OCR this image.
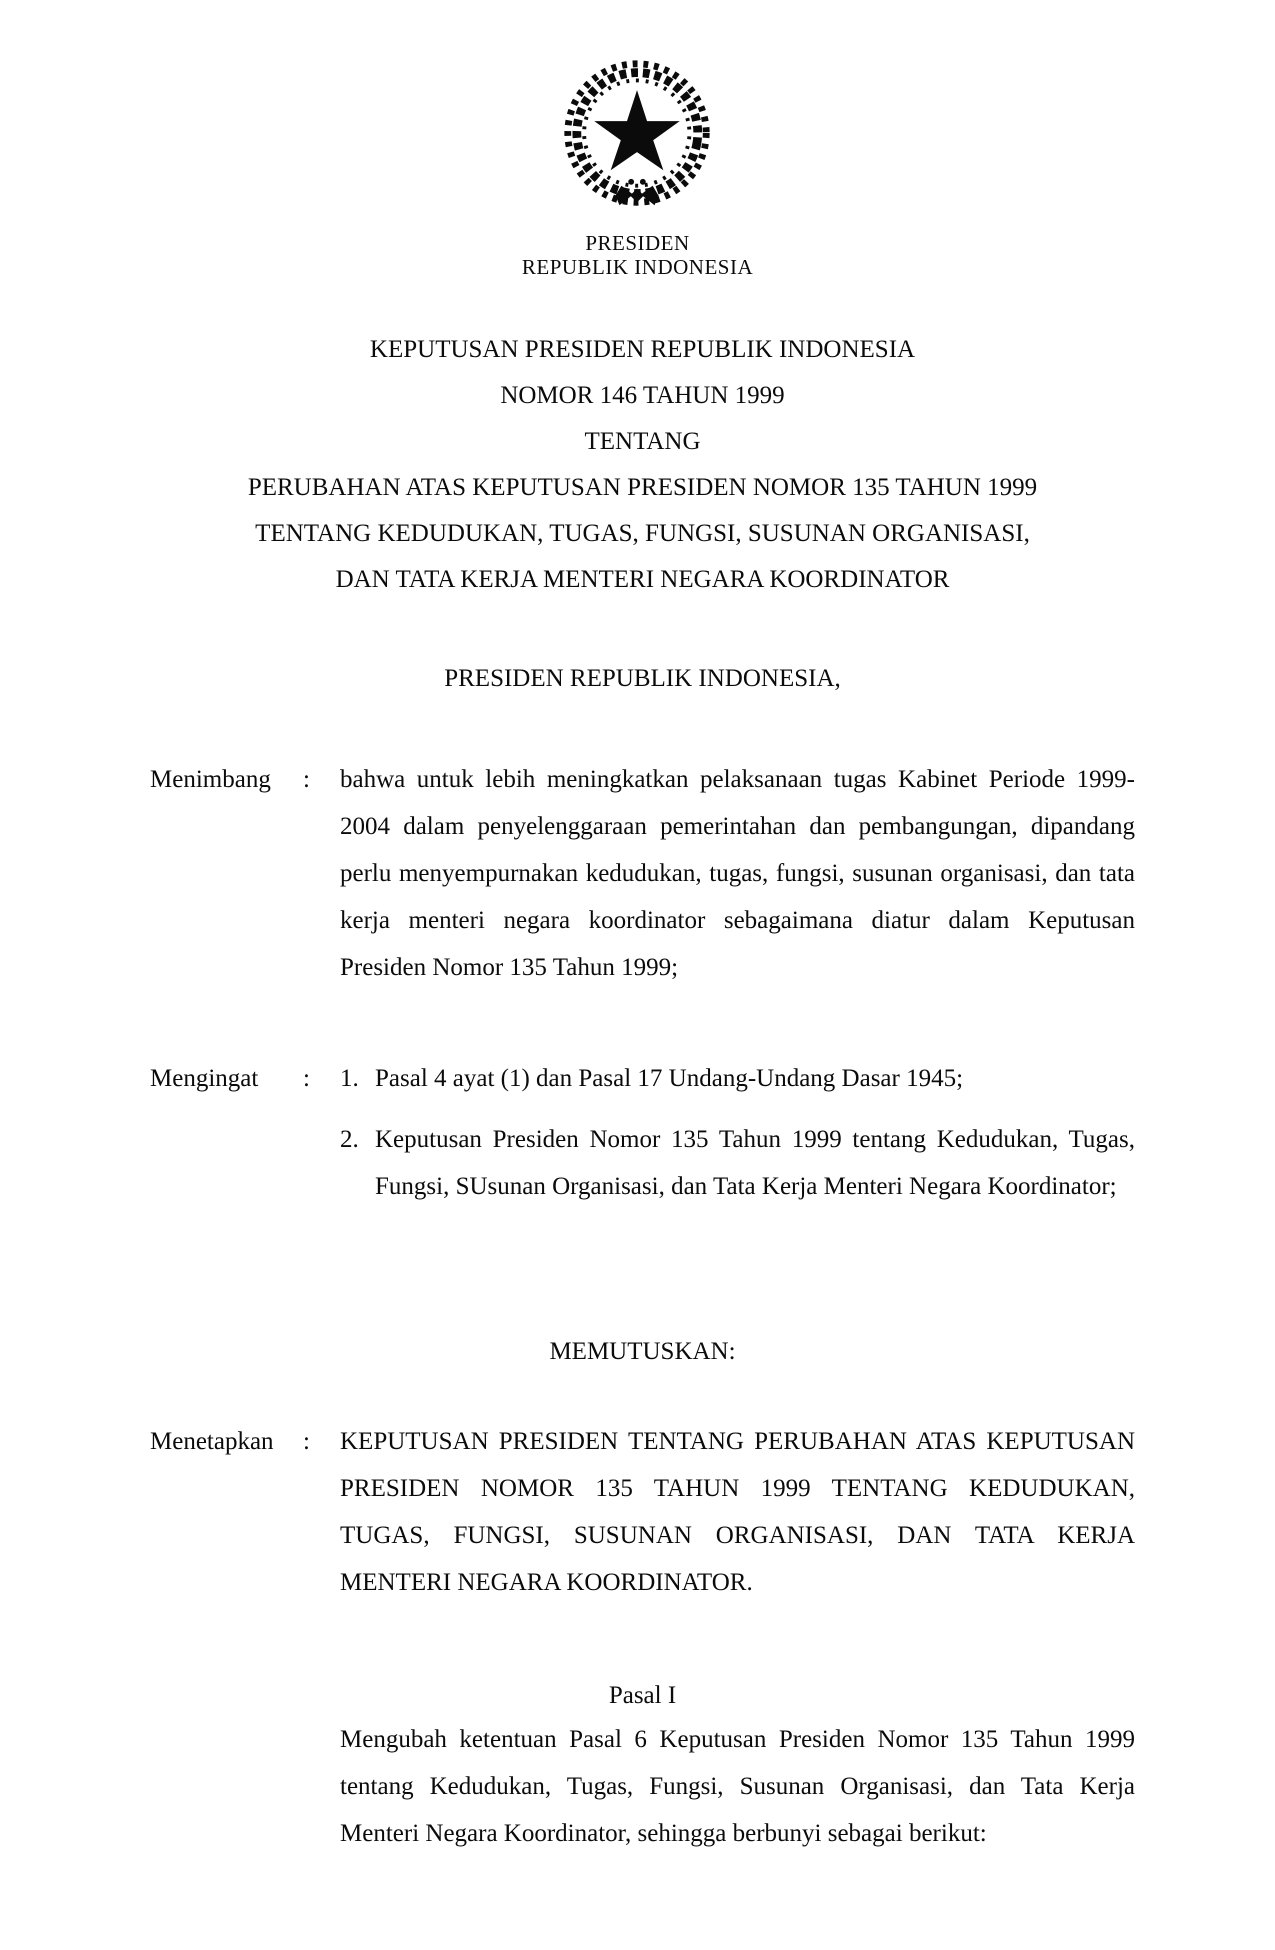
PRESIDEN
REPUBLIK INDONESIA
KEPUTUSAN PRESIDEN REPUBLIK INDONESIA
NOMOR 146 TAHUN 1999
TENTANG
PERUBAHAN ATAS KEPUTUSAN PRESIDEN NOMOR 135 TAHUN 1999
TENTANG KEDUDUKAN, TUGAS, FUNGSI, SUSUNAN ORGANISASI,
DAN TATA KERJA MENTERI NEGARA KOORDINATOR
PRESIDEN REPUBLIK INDONESIA,
Menimbang	:	bahwa untuk lebih meningkatkan pelaksanaan tugas Kabinet Periode 1999-2004 dalam penyelenggaraan pemerintahan dan pembangungan, dipandang perlu menyempurnakan kedudukan, tugas, fungsi, susunan organisasi, dan tata kerja menteri negara koordinator sebagaimana diatur dalam Keputusan Presiden Nomor 135 Tahun 1999;
Mengingat	:	1. Pasal 4 ayat (1) dan Pasal 17 Undang-Undang Dasar 1945;
2. Keputusan Presiden Nomor 135 Tahun 1999 tentang Kedudukan, Tugas, Fungsi, SUsunan Organisasi, dan Tata Kerja Menteri Negara Koordinator;
MEMUTUSKAN:
Menetapkan	:	KEPUTUSAN PRESIDEN TENTANG PERUBAHAN ATAS KEPUTUSAN PRESIDEN NOMOR 135 TAHUN 1999 TENTANG KEDUDUKAN, TUGAS, FUNGSI, SUSUNAN ORGANISASI, DAN TATA KERJA MENTERI NEGARA KOORDINATOR.
Pasal I
Mengubah ketentuan Pasal 6 Keputusan Presiden Nomor 135 Tahun 1999 tentang Kedudukan, Tugas, Fungsi, Susunan Organisasi, dan Tata Kerja Menteri Negara Koordinator, sehingga berbunyi sebagai berikut:
